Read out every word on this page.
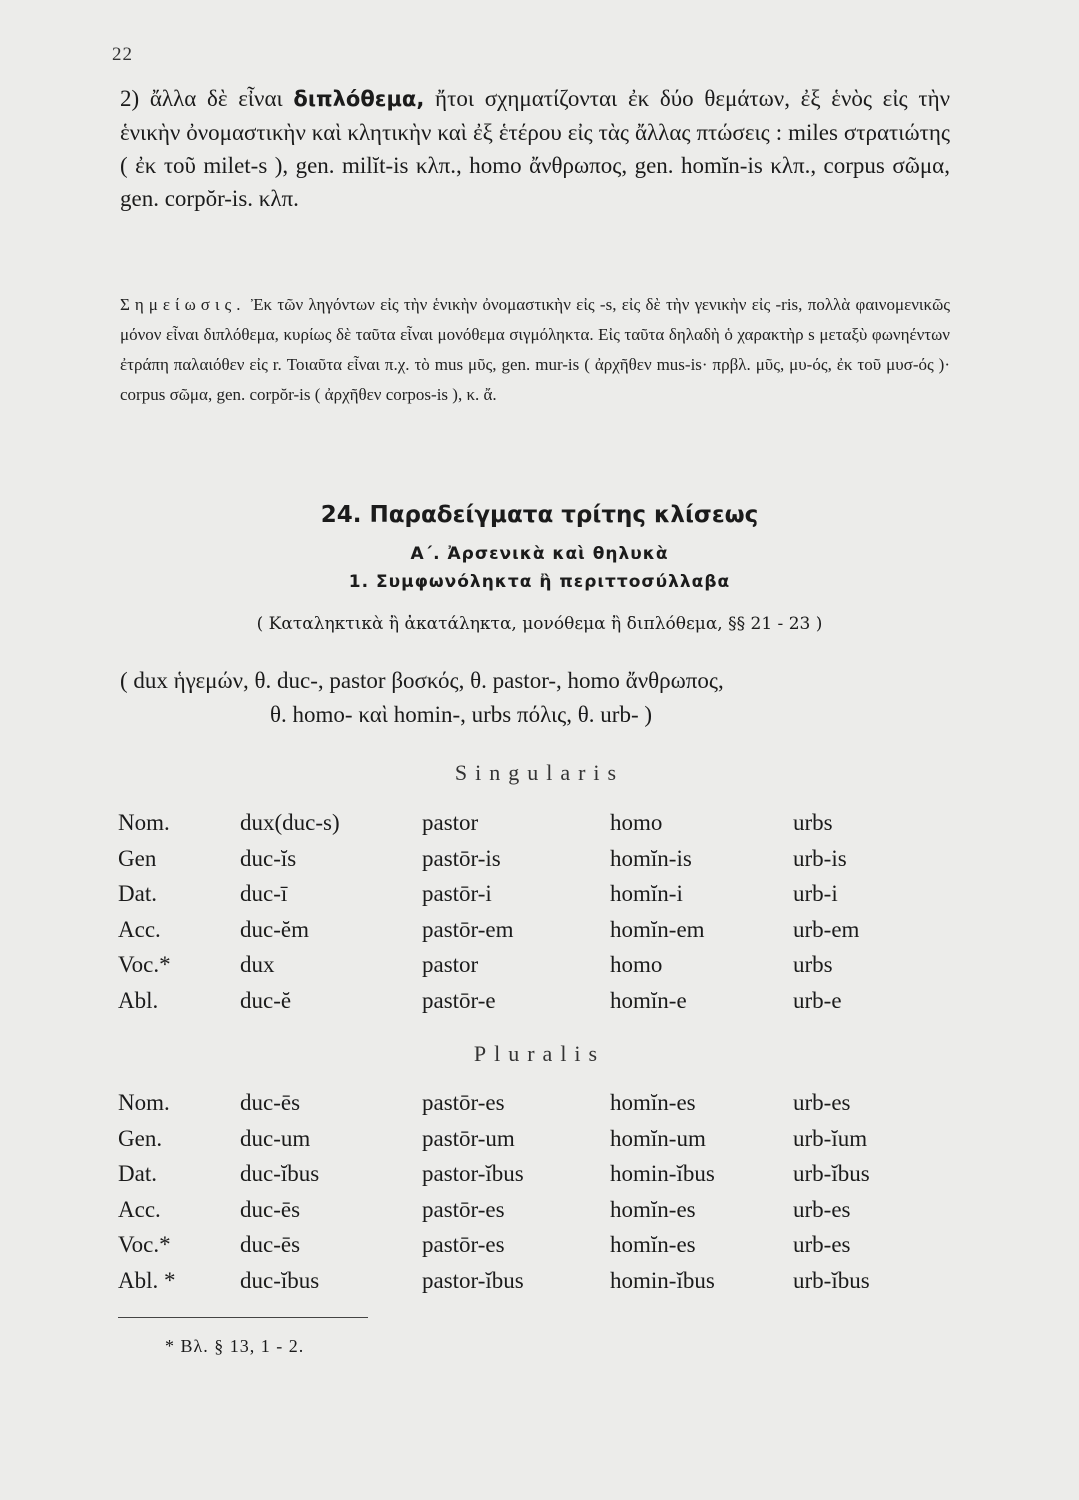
22

2) ἄλλα δὲ εἶναι διπλόθεμα, ἤτοι σχηματίζονται ἐκ δύο θεμάτων, ἐξ ἑνὸς εἰς τὴν ἑνικὴν ὀνομαστικὴν καὶ κλητικὴν καὶ ἐξ ἑτέρου εἰς τὰς ἄλλας πτώσεις : miles στρατιώτης ( ἐκ τοῦ milet-s ), gen. milĭt-is κλπ., homo ἄνθρωπος, gen. homĭn-is κλπ., corpus σῶμα, gen. corpŏr-is. κλπ.

Σημείωσις. Ἐκ τῶν ληγόντων εἰς τὴν ἑνικὴν ὀνομαστικὴν εἰς -s, εἰς δὲ τὴν γενικὴν εἰς -ris, πολλὰ φαινομενικῶς μόνον εἶναι διπλόθεμα, κυρίως δὲ ταῦτα εἶναι μονόθεμα σιγμόληκτα. Εἰς ταῦτα δηλαδὴ ὁ χαρακτὴρ s μεταξὺ φωνηέντων ἐτράπη παλαιόθεν εἰς r. Τοιαῦτα εἶναι π.χ. τὸ mus μῦς, gen. mur-is ( ἀρχῆθεν mus-is· πρβλ. μῦς, μυ-ός, ἐκ τοῦ μυσ-ός )· corpus σῶμα, gen. corpŏr-is ( ἀρχῆθεν corpos-is ), κ. ἄ.

24. Παραδείγματα τρίτης κλίσεως
Α΄. Ἀρσενικὰ καὶ θηλυκὰ
1. Συμφωνόληκτα ἢ περιττοσύλλαβα
( Καταληκτικὰ ἢ ἀκατάληκτα, μονόθεμα ἢ διπλόθεμα, §§ 21 - 23 )
( dux ἡγεμών, θ. duc-, pastor βοσκός, θ. pastor-, homo ἄνθρωπος,
θ. homo- καὶ homin-, urbs πόλις, θ. urb- )
Singularis
Nom.	dux(duc-s)	pastor	homo	urbs
Gen	duc-ĭs	pastōr-is	homĭn-is	urb-is
Dat.	duc-ī	pastōr-i	homĭn-i	urb-i
Acc.	duc-ĕm	pastōr-em	homĭn-em	urb-em
Voc.*	dux	pastor	homo	urbs
Abl.	duc-ĕ	pastōr-e	homĭn-e	urb-e
Pluralis
Nom.	duc-ēs	pastōr-es	homĭn-es	urb-es
Gen.	duc-um	pastōr-um	homĭn-um	urb-ĭum
Dat.	duc-ĭbus	pastor-ĭbus	homin-ĭbus	urb-ĭbus
Acc.	duc-ēs	pastōr-es	homĭn-es	urb-es
Voc.*	duc-ēs	pastōr-es	homĭn-es	urb-es
Abl. *	duc-ĭbus	pastor-ĭbus	homin-ĭbus	urb-ĭbus
* Βλ. § 13, 1 - 2.
